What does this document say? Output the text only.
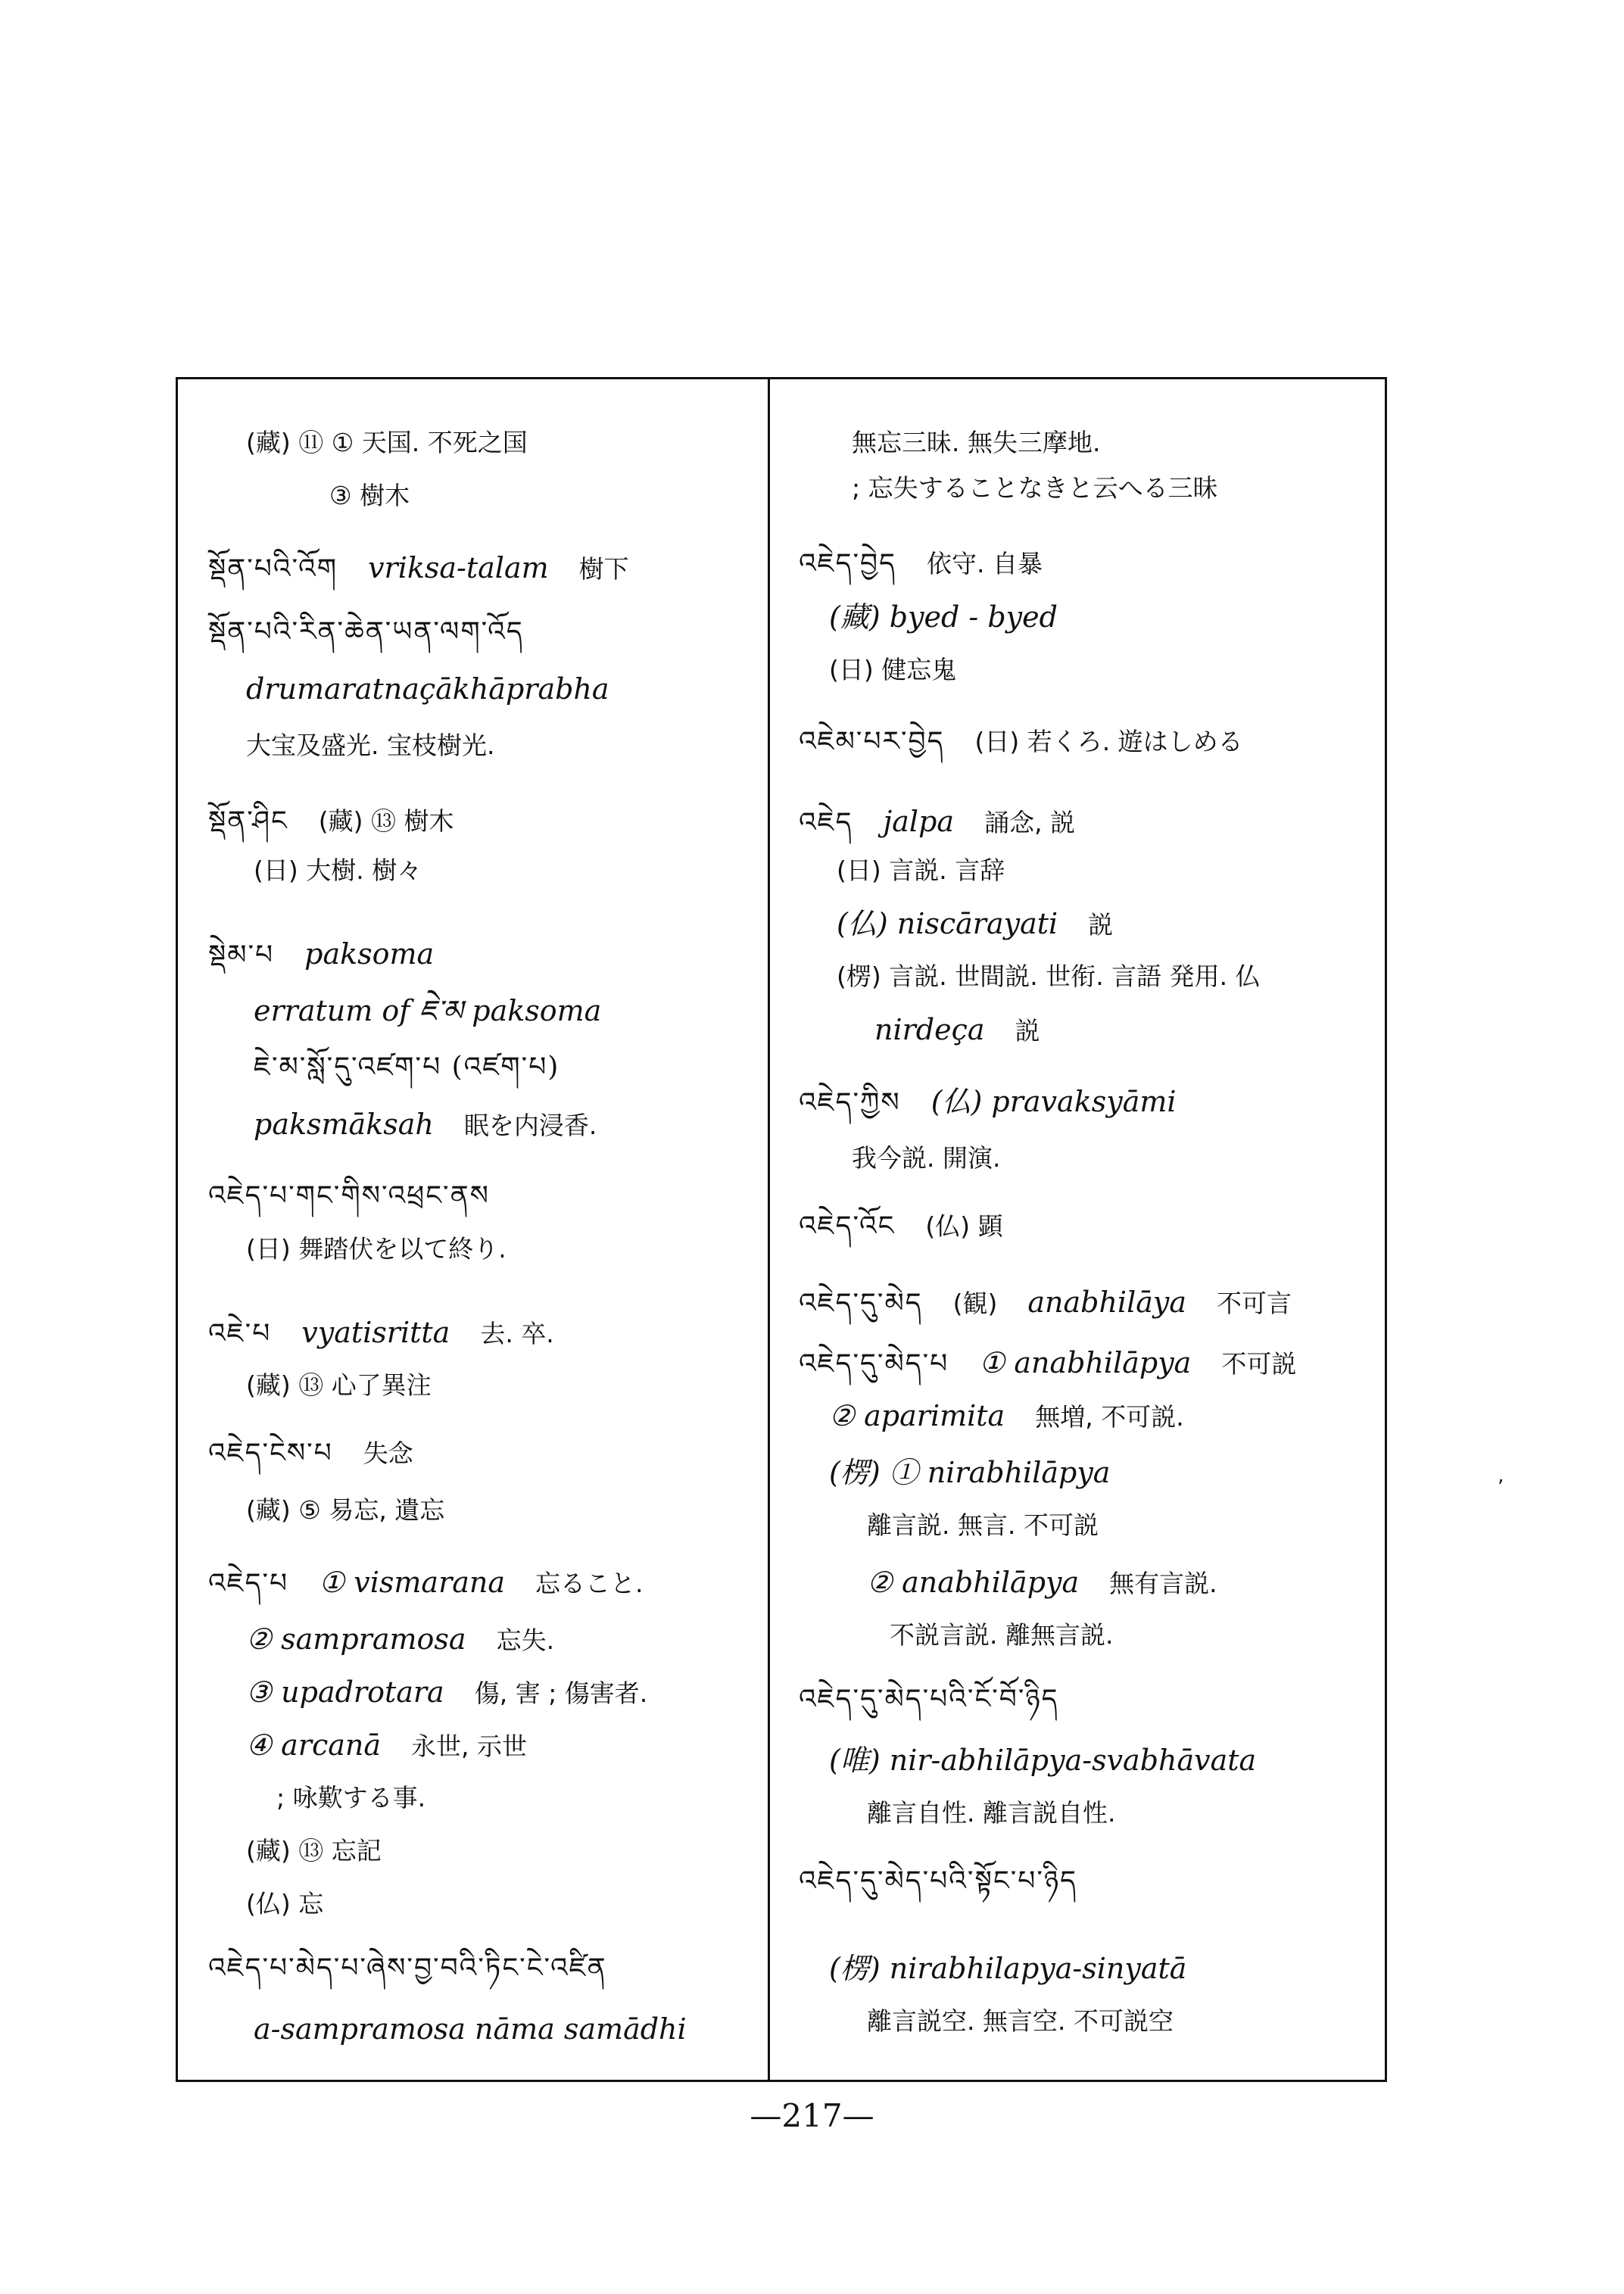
(藏) ⑪ ① 天国. 不死之国
③ 樹木
སྡོན་པའི་འོག vriksa-talam 樹下
སྡོན་པའི་རིན་ཆེན་ཡན་ལག་འོད
drumaratnaçākhāprabha
大宝及盛光. 宝枝樹光.
སྡོན་ཤིང (藏) ⑬ 樹木
(日) 大樹. 樹々
སྡེམ་པ paksoma
erratum of ཇེ་མ paksoma
ཇེ་མ་སློ་དུ་འཛག་པ (འཛག་པ)
paksmāksah 眠を内浸香.
འཇེད་པ་གང་གིས་འཕྲང་ནས
(日) 舞踏伏を以て終り.
འཇེ་པ vyatisritta 去. 卒.
(藏) ⑬ 心了異注
འཇེད་ངེས་པ 失念
(藏) ⑤ 易忘, 遺忘
འཇེད་པ ① vismarana 忘ること.
② sampramosa 忘失.
③ upadrotara 傷, 害 ; 傷害者.
④ arcanā 永世, 示世
; 咏歎する事.
(藏) ⑬ 忘記
(仏) 忘
འཇེད་པ་མེད་པ་ཞེས་བྱ་བའི་ཏིང་ངེ་འཛིན
a-sampramosa nāma samādhi
無忘三昧. 無失三摩地.
; 忘失することなきと云へる三昧
འཇེད་བྱེད 依守. 自暴
(藏) byed - byed
(日) 健忘鬼
འཇེམ་པར་བྱེད (日) 若くろ. 遊はしめる
འཇེད jalpa 誦念, 説
(日) 言説. 言辞
(仏) niscārayati 説
(楞) 言説. 世間説. 世衔. 言語 発用. 仏
nirdeça 説
འཇེད་ཀྱིས (仏) pravaksyāmi
我今説. 開演.
འཇེད་འོང (仏) 顕
འཇེད་དུ་མེད (観) anabhilāya 不可言
འཇེད་དུ་མེད་པ ① anabhilāpya 不可説
② aparimita 無増, 不可説.
(楞) ① nirabhilāpya
離言説. 無言. 不可説
② anabhilāpya 無有言説.
不説言説. 離無言説.
འཇེད་དུ་མེད་པའི་ངོ་བོ་ཉིད
(唯) nir-abhilāpya-svabhāvata
離言自性. 離言説自性.
འཇེད་དུ་མེད་པའི་སྟོང་པ་ཉིད
(楞) nirabhilapya-sinyatā
離言説空. 無言空. 不可説空
—217—
ʼ
